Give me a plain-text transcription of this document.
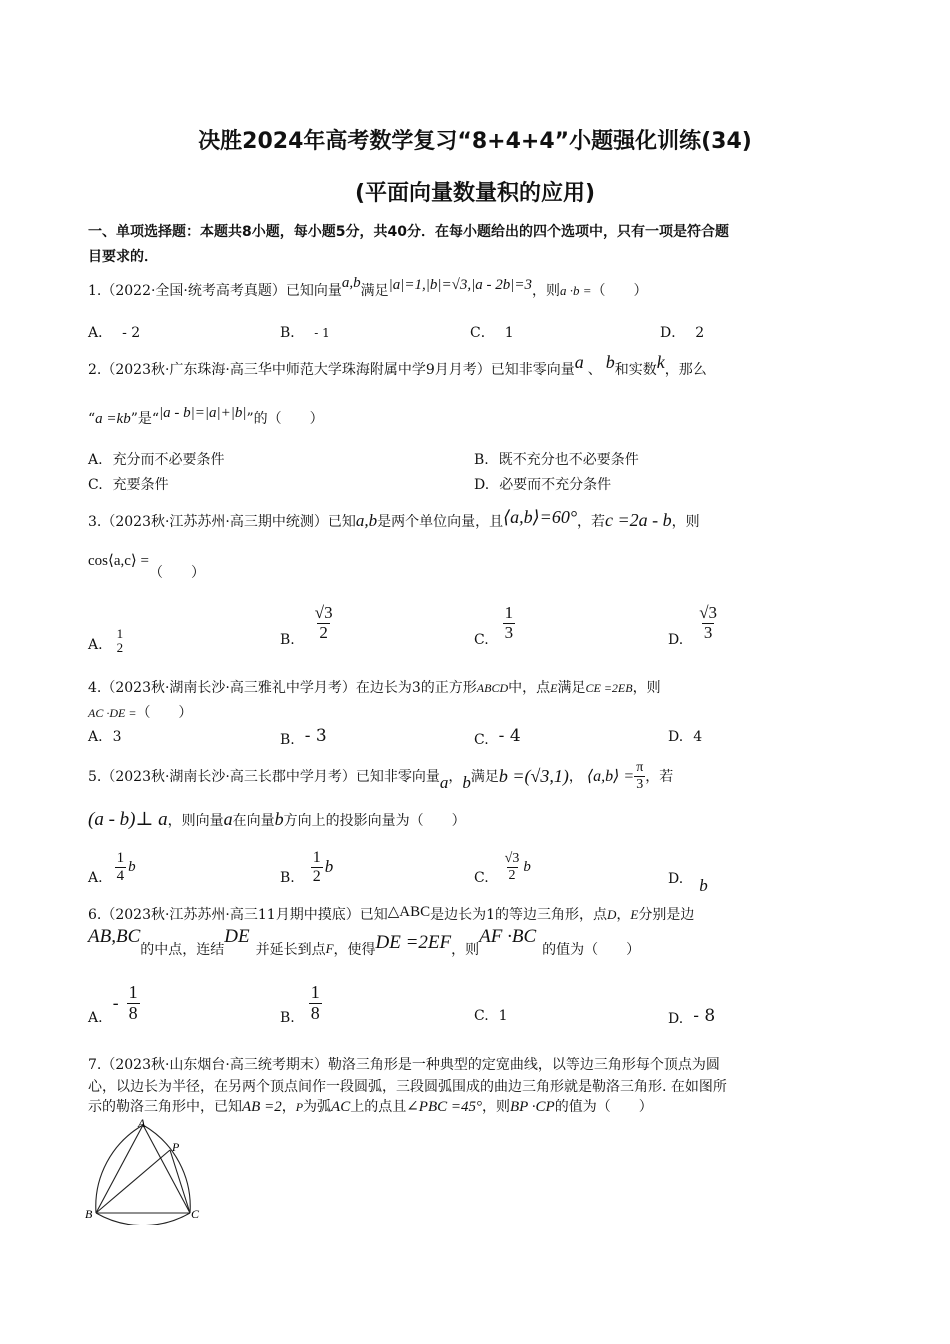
决胜2024年高考数学复习“8+4+4”小题强化训练(34)
(平面向量数量积的应用)
一、单项选择题：本题共8小题，每小题5分，共40分．在每小题给出的四个选项中，只有一项是符合题
目要求的．
1.（2022·全国·统考高考真题）已知向量a,b满足|a|=1,|b|=√3,|a - 2b|=3，则a ·b =（　　）
A． - 2	B． - 1	C． 1	D． 2
2.（2023秋·广东珠海·高三华中师范大学珠海附属中学9月月考）已知非零向量a 、 b和实数k，那么
“a =kb”是“|a - b|=|a|+|b|”的（　　）
A. 充分而不必要条件	B. 既不充分也不必要条件
C. 充要条件	D. 必要而不充分条件
3.（2023秋·江苏苏州·高三期中统测）已知a,b是两个单位向量，且⟨a,b⟩=60°，若c =2a - b，则
cos⟨a,c⟩ =（　　）
A.
1
2	B. $\frac{√3}{2}$	C. $\frac{1}{3}$	D. $\frac{√3}{3}$
4.（2023秋·湖南长沙·高三雅礼中学月考）在边长为3的正方形ABCD中，点E满足CE =2EB，则
AC ·DE =（　　）
A. 3	B. - 3	C. - 4	D. 4
5.（2023秋·湖南长沙·高三长郡中学月考）已知非零向量 a ， b 满足 b =(√3,1) ， ⟨a,b⟩ = $\frac{\pi}{3}$ ，若
(a - b)⊥ a ，则向量 a 在向量 b 方向上的投影向量为（　　）
A. $\frac{1}{4}$ b
B. $\frac{1}{2}$ b
C. $\frac{√3}{2}$ b
D. b
6.（2023秋·江苏苏州·高三11月期中摸底）已知△ABC是边长为1的等边三角形，点D，E分别是边
AB,BC
的中点，连结
DE
并延长到点 F ，使得 DE =2EF ，则
AF ·BC
的值为（　　）
A.
- $\frac{1}{8}$	B. $\frac{1}{8}$	C. 1	D. - 8
7.（2023秋·山东烟台·高三统考期末）勒洛三角形是一种典型的定宽曲线，以等边三角形每个顶点为圆
心，以边长为半径，在另两个顶点间作一段圆弧，三段圆弧围成的曲边三角形就是勒洛三角形. 在如图所
示的勒洛三角形中，已知AB =2，P为弧AC上的点且∠PBC =45°，则BP ·CP的值为（　　）
A
B	C
P
